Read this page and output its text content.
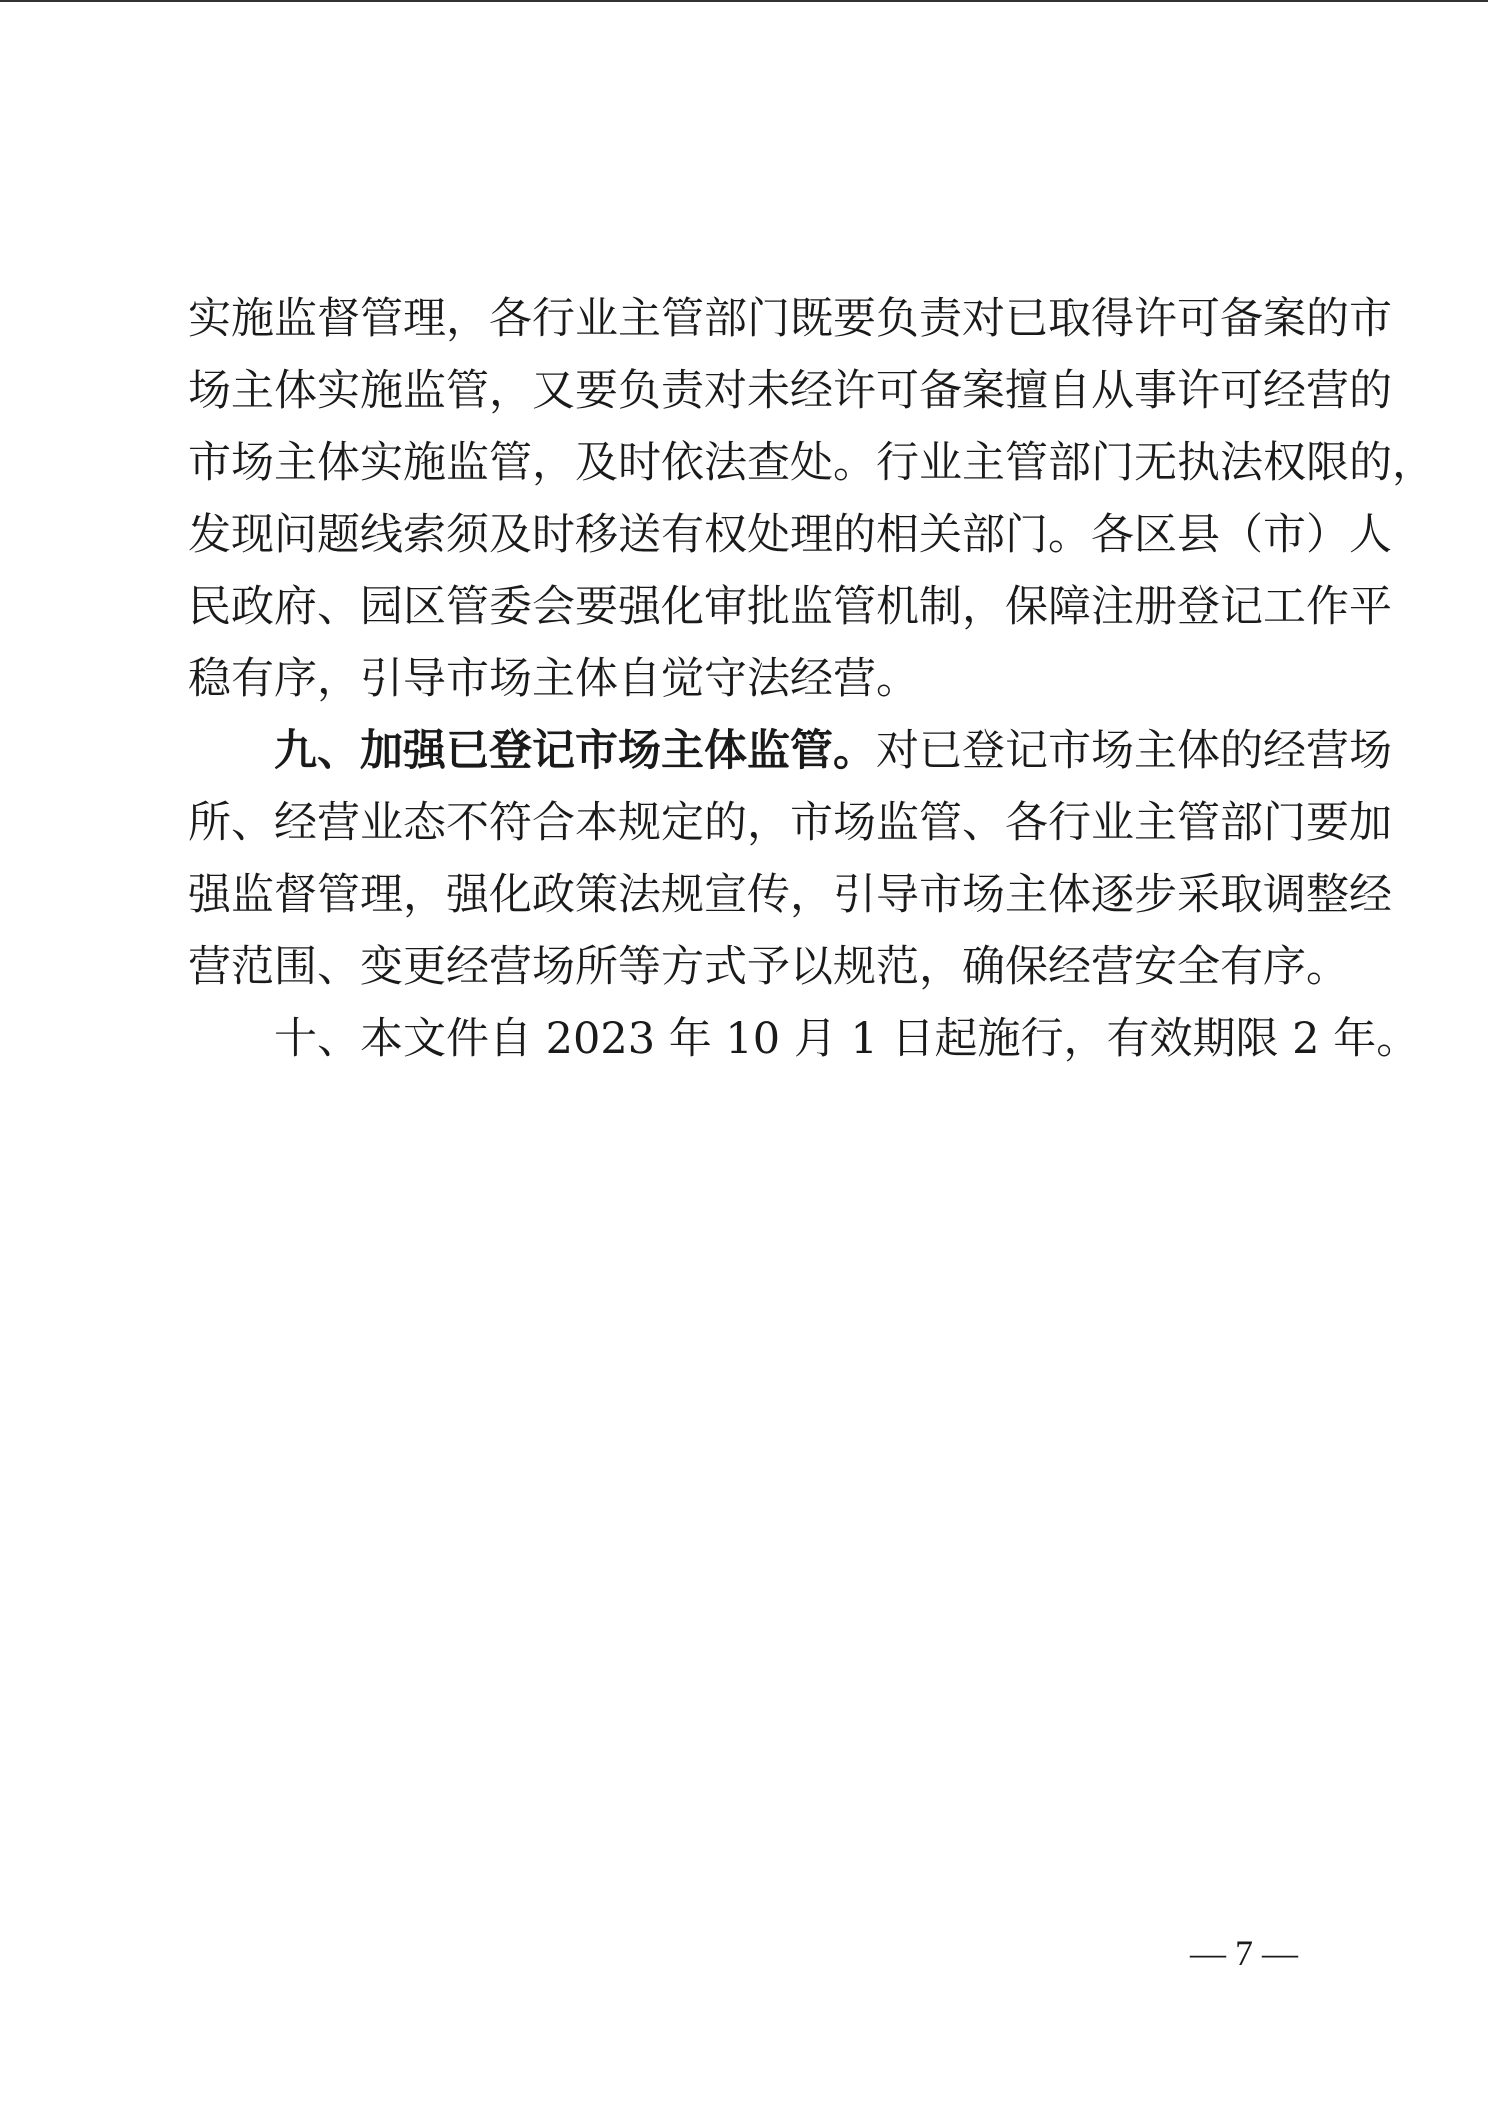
实施监督管理，各行业主管部门既要负责对已取得许可备案的市
场主体实施监管，又要负责对未经许可备案擅自从事许可经营的
市场主体实施监管，及时依法查处。行业主管部门无执法权限的，
发现问题线索须及时移送有权处理的相关部门。各区县（市）人
民政府、园区管委会要强化审批监管机制，保障注册登记工作平
稳有序，引导市场主体自觉守法经营。
九、加强已登记市场主体监管。对已登记市场主体的经营场
所、经营业态不符合本规定的，市场监管、各行业主管部门要加
强监督管理，强化政策法规宣传，引导市场主体逐步采取调整经
营范围、变更经营场所等方式予以规范，确保经营安全有序。
十、本文件自 2023 年 10 月 1 日起施行，有效期限 2 年。
— 7 —
